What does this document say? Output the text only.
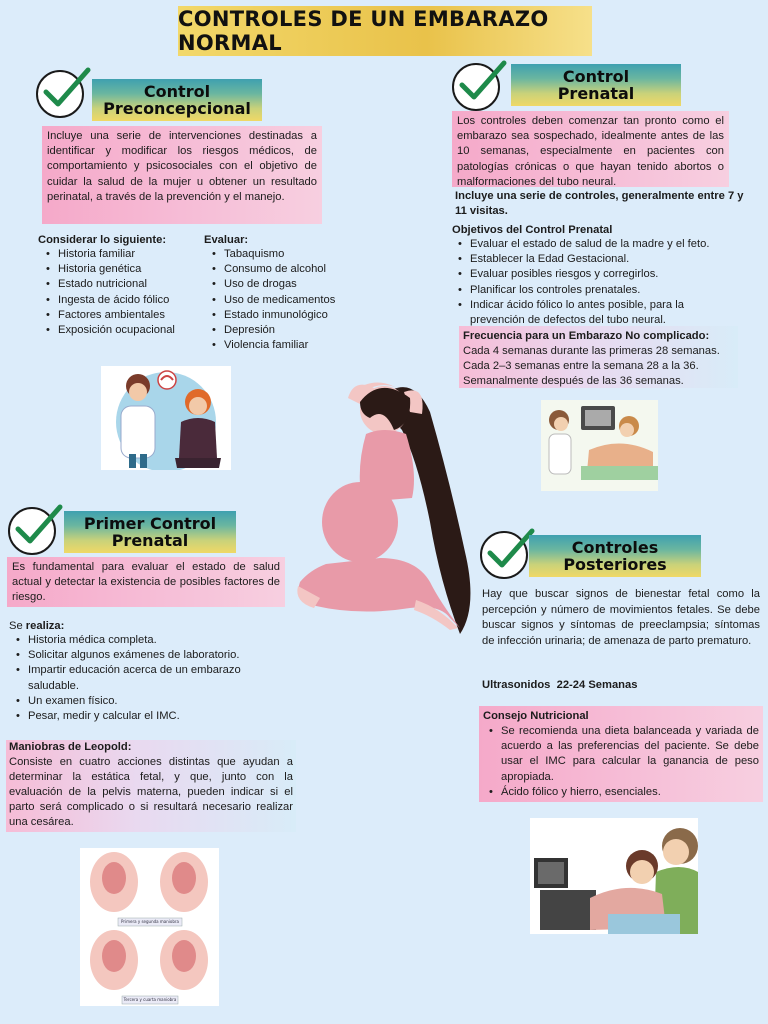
CONTROLES DE UN EMBARAZO NORMAL
Control
Preconcepcional
Incluye una serie de intervenciones destinadas a identificar y modificar los riesgos médicos, de comportamiento y psicosociales con el objetivo de cuidar la salud de la mujer u obtener un resultado perinatal, a través de la prevención y el manejo.
Considerar lo siguiente:
• Historia familiar
• Historia genética
• Estado nutricional
• Ingesta de ácido fólico
• Factores ambientales
• Exposición ocupacional
Evaluar:
• Tabaquismo
• Consumo de alcohol
• Uso de drogas
• Uso de medicamentos
• Estado inmunológico
• Depresión
• Violencia familiar
Control
Prenatal
Los controles deben comenzar tan pronto como el embarazo sea sospechado, idealmente antes de las 10 semanas, especialmente en pacientes con patologías crónicas o que hayan tenido abortos o malformaciones del tubo neural.
Incluye una serie de controles, generalmente entre 7 y 11 visitas.
Objetivos del Control Prenatal
• Evaluar el estado de salud de la madre y el feto.
• Establecer la Edad Gestacional.
• Evaluar posibles riesgos y corregirlos.
• Planificar los controles prenatales.
• Indicar ácido fólico lo antes posible, para la prevención de defectos del tubo neural.
Frecuencia para un Embarazo No complicado:
Cada 4 semanas durante las primeras 28 semanas.
Cada 2–3 semanas entre la semana 28 a la 36.
Semanalmente después de las 36 semanas.
Primer Control
Prenatal
Es fundamental para evaluar el estado de salud actual y detectar la existencia de posibles factores de riesgo.
Se realiza:
• Historia médica completa.
• Solicitar algunos exámenes de laboratorio.
• Impartir educación acerca de un embarazo saludable.
• Un examen físico.
• Pesar, medir y calcular el IMC.
Maniobras de Leopold:
Consiste en cuatro acciones distintas que ayudan a determinar la estática fetal, y que, junto con la evaluación de la pelvis materna, pueden indicar si el parto será complicado o si resultará necesario realizar una cesárea.
Primera y segunda maniobra
Tercera y cuarta maniobra
Controles
Posteriores
Hay que buscar signos de bienestar fetal como la percepción y número de movimientos fetales. Se debe buscar signos y síntomas de preeclampsia; síntomas de infección urinaria; de amenaza de parto prematuro.
Ultrasonidos  22-24 Semanas
Consejo Nutricional
• Se recomienda una dieta balanceada y variada de acuerdo a las preferencias del paciente. Se debe usar el IMC para calcular la ganancia de peso apropiada.
• Ácido fólico y hierro, esenciales.
